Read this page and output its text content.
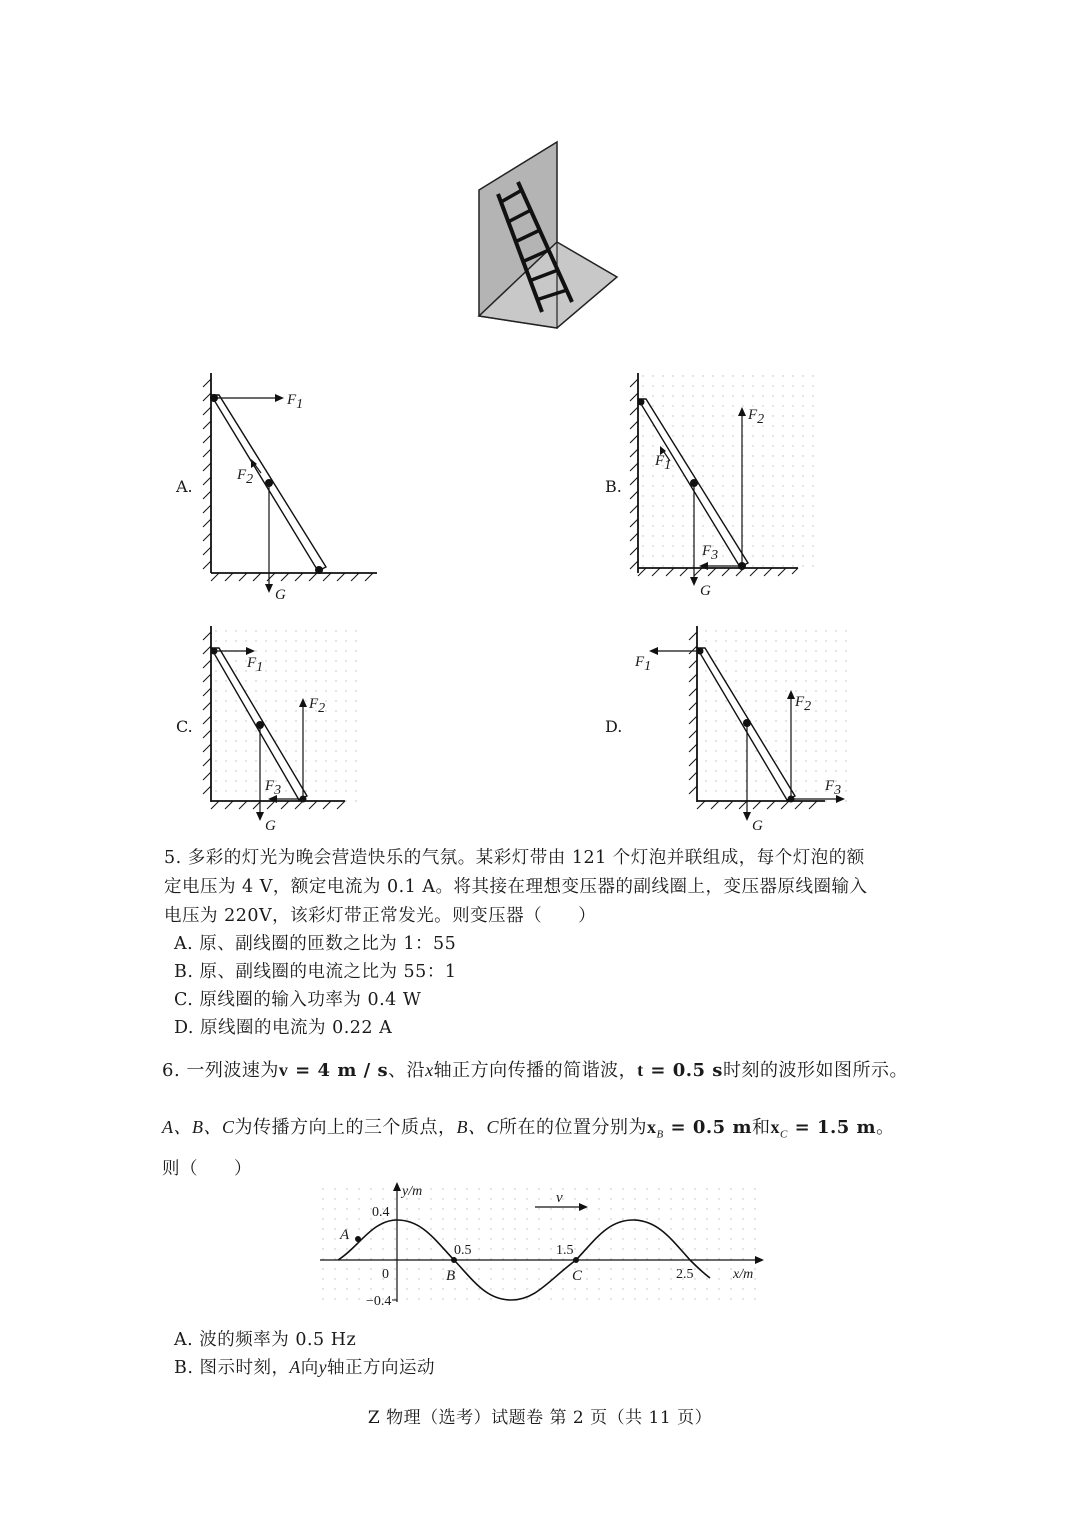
A.
F1
F2
G
B.
F1
F2
F3
G
C.
F1
F2
F3
G
D.
F1
F2
F3
G
5. 多彩的灯光为晚会营造快乐的气氛。某彩灯带由 121 个灯泡并联组成，每个灯泡的额
定电压为 4 V，额定电流为 0.1 A。将其接在理想变压器的副线圈上，变压器原线圈输入
电压为 220V，该彩灯带正常发光。则变压器（　　）
A. 原、副线圈的匝数之比为 1：55
B. 原、副线圈的电流之比为 55：1
C. 原线圈的输入功率为 0.4 W
D. 原线圈的电流为 0.22 A
6. 一列波速为v = 4 m / s、沿x轴正方向传播的简谐波，t = 0.5 s时刻的波形如图所示。
A、B、C为传播方向上的三个质点，B、C所在的位置分别为$x_B = 0.5$ m和$x_C = 1.5$ m。
则（　　）
y/m
x/m
0.4
−0.4
0
0.5	1.5
2.5
A
B	C
v
A. 波的频率为 0.5 Hz
B. 图示时刻，A向y轴正方向运动
Z 物理（选考）试题卷 第 2 页（共 11 页）
